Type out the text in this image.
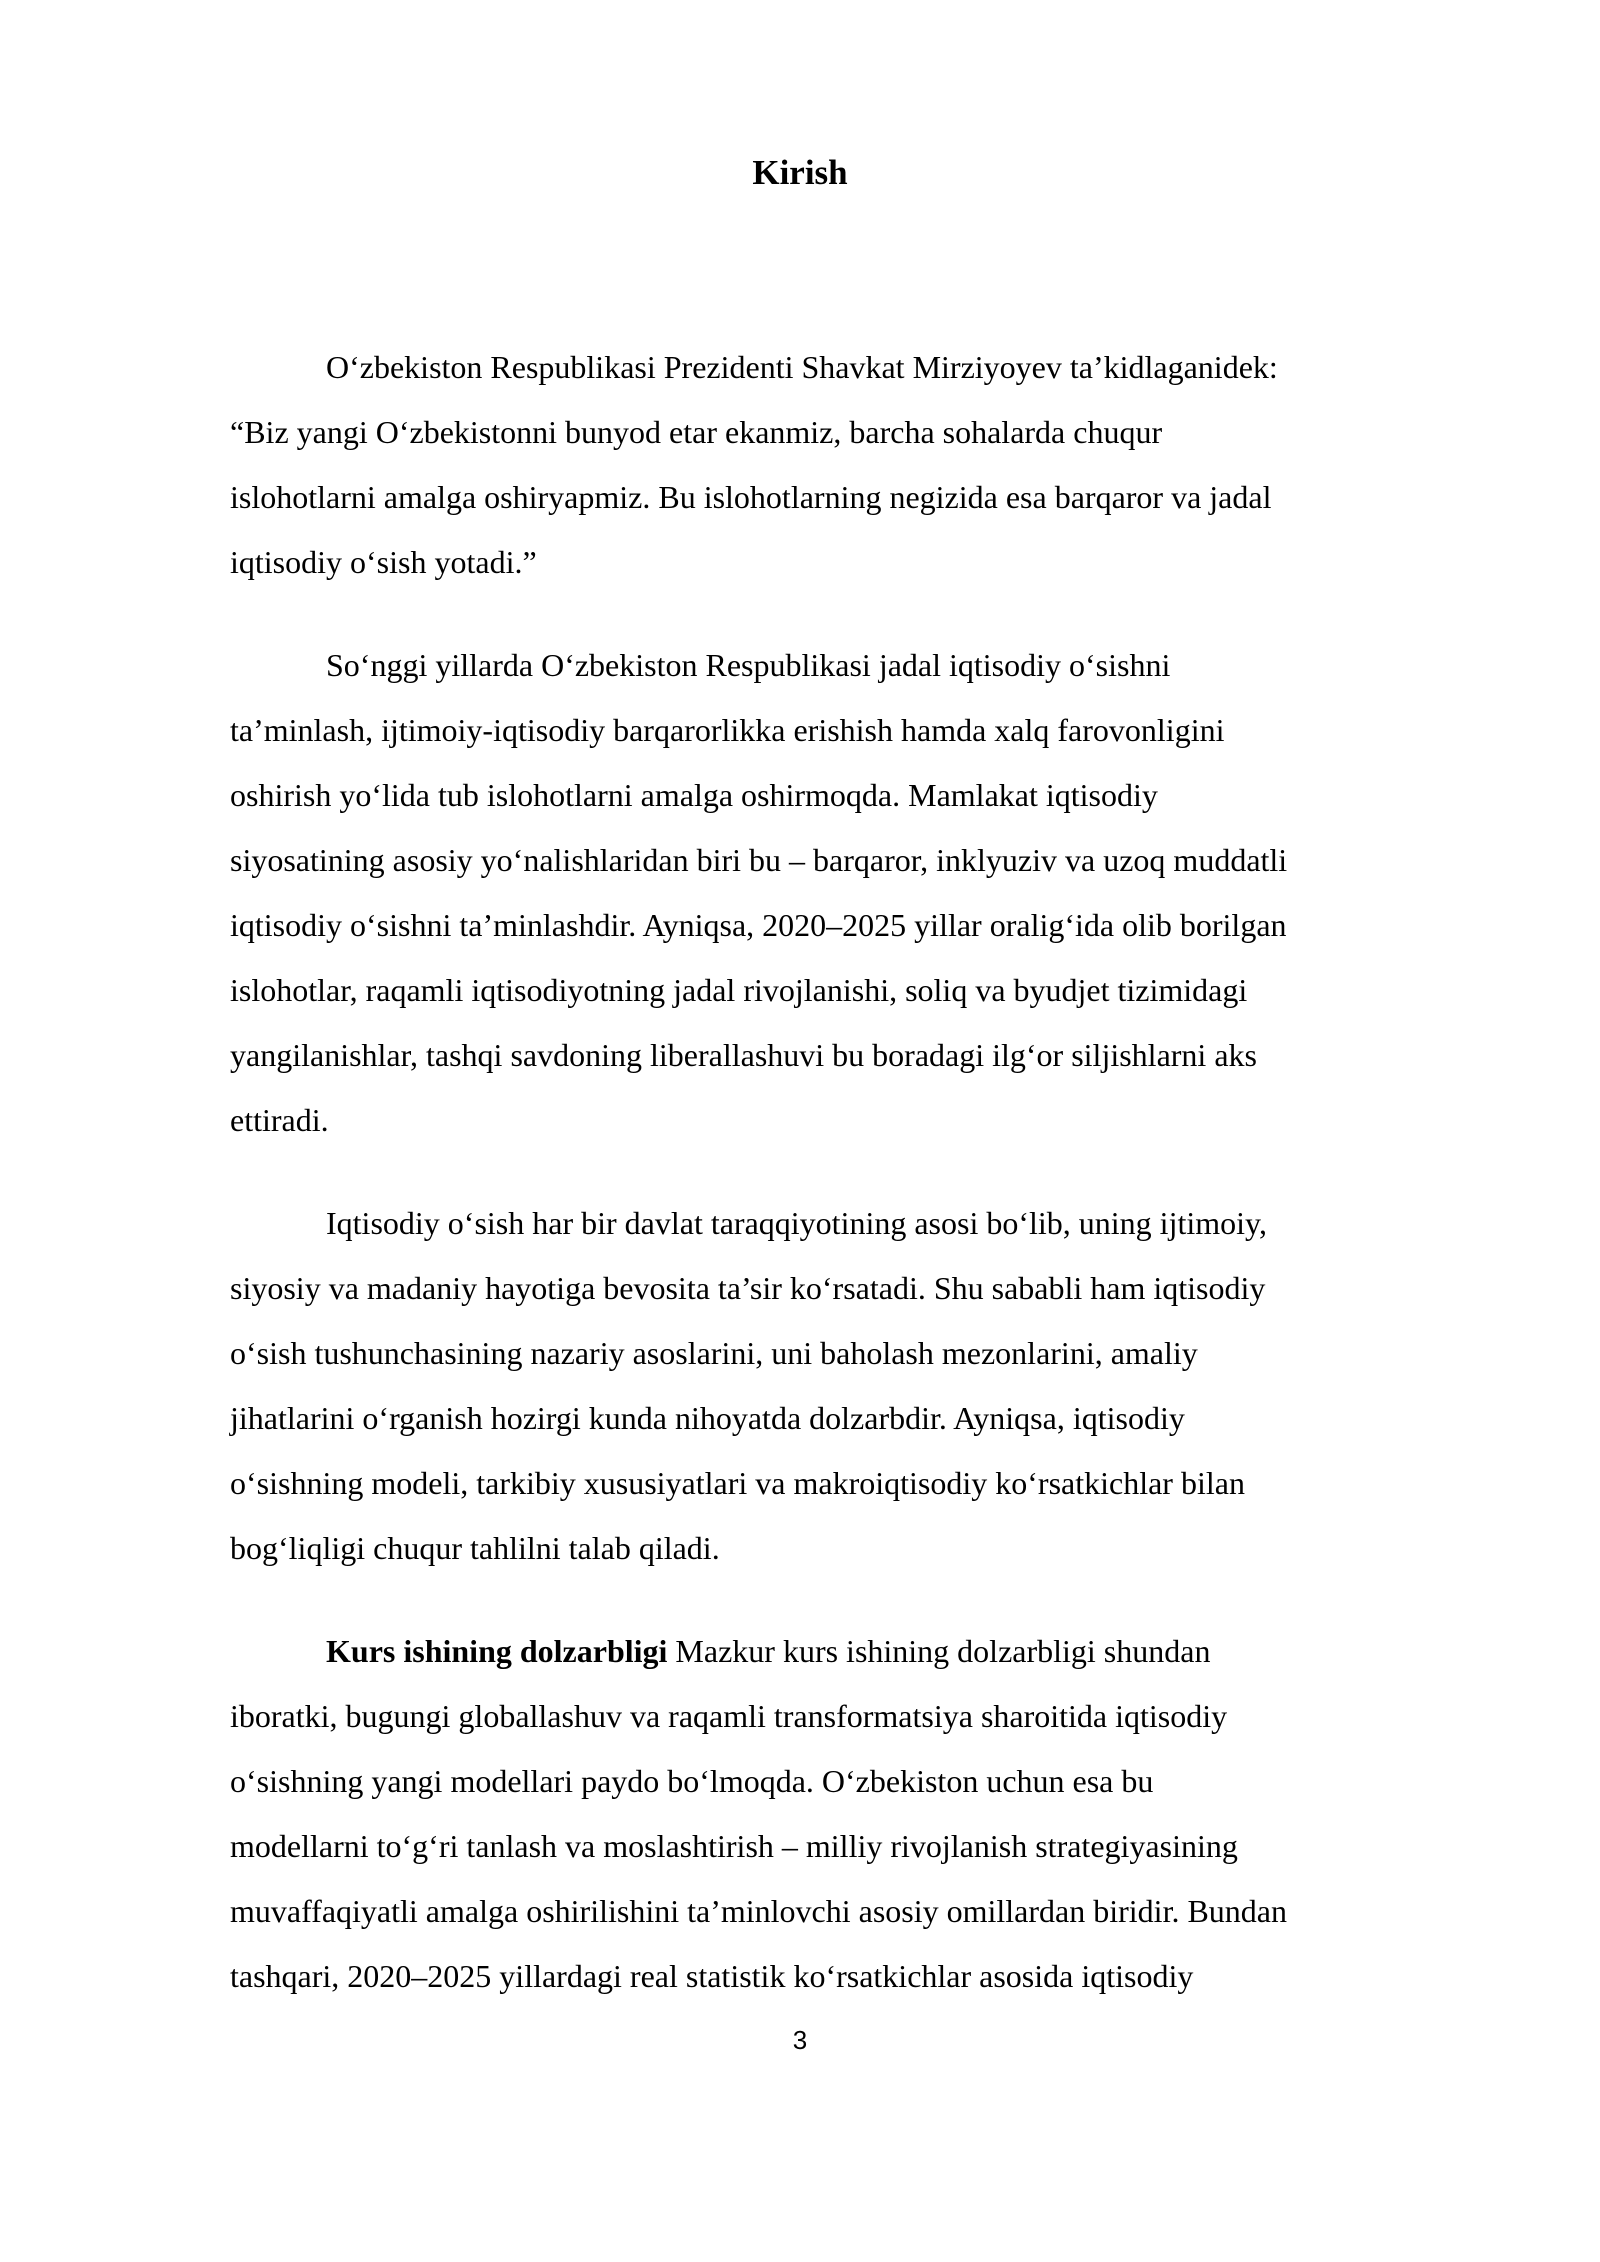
Kirish

O‘zbekiston Respublikasi Prezidenti Shavkat Mirziyoyev ta’kidlaganidek:
“Biz yangi O‘zbekistonni bunyod etar ekanmiz, barcha sohalarda chuqur
islohotlarni amalga oshiryapmiz. Bu islohotlarning negizida esa barqaror va jadal
iqtisodiy o‘sish yotadi.”

So‘nggi yillarda O‘zbekiston Respublikasi jadal iqtisodiy o‘sishni
ta’minlash, ijtimoiy-iqtisodiy barqarorlikka erishish hamda xalq farovonligini
oshirish yo‘lida tub islohotlarni amalga oshirmoqda. Mamlakat iqtisodiy
siyosatining asosiy yo‘nalishlaridan biri bu – barqaror, inklyuziv va uzoq muddatli
iqtisodiy o‘sishni ta’minlashdir. Ayniqsa, 2020–2025 yillar oralig‘ida olib borilgan
islohotlar, raqamli iqtisodiyotning jadal rivojlanishi, soliq va byudjet tizimidagi
yangilanishlar, tashqi savdoning liberallashuvi bu boradagi ilg‘or siljishlarni aks
ettiradi.

Iqtisodiy o‘sish har bir davlat taraqqiyotining asosi bo‘lib, uning ijtimoiy,
siyosiy va madaniy hayotiga bevosita ta’sir ko‘rsatadi. Shu sababli ham iqtisodiy
o‘sish tushunchasining nazariy asoslarini, uni baholash mezonlarini, amaliy
jihatlarini o‘rganish hozirgi kunda nihoyatda dolzarbdir. Ayniqsa, iqtisodiy
o‘sishning modeli, tarkibiy xususiyatlari va makroiqtisodiy ko‘rsatkichlar bilan
bog‘liqligi chuqur tahlilni talab qiladi.

Kurs ishining dolzarbligi Mazkur kurs ishining dolzarbligi shundan
iboratki, bugungi globallashuv va raqamli transformatsiya sharoitida iqtisodiy
o‘sishning yangi modellari paydo bo‘lmoqda. O‘zbekiston uchun esa bu
modellarni to‘g‘ri tanlash va moslashtirish – milliy rivojlanish strategiyasining
muvaffaqiyatli amalga oshirilishini ta’minlovchi asosiy omillardan biridir. Bundan
tashqari, 2020–2025 yillardagi real statistik ko‘rsatkichlar asosida iqtisodiy

3
